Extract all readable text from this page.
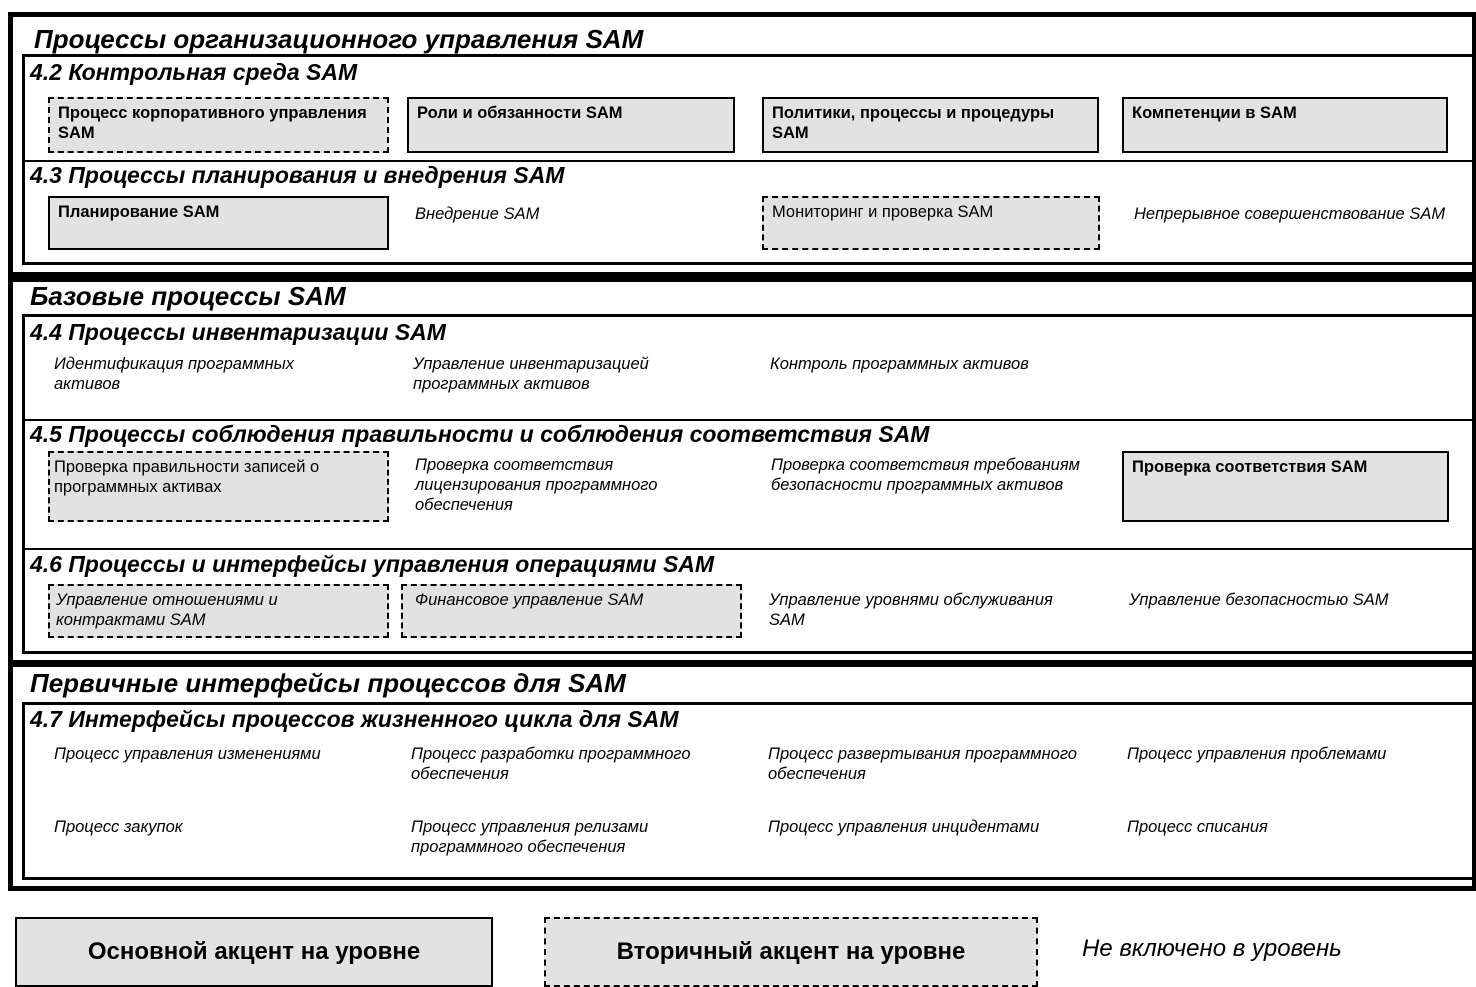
Процессы организационного управления SAM
4.2 Контрольная среда SAM
Процесс корпоративного управления SAM
Роли и обязанности SAM	Политики, процессы и процедуры SAM
Компетенции в SAM
4.3 Процессы планирования и внедрения SAM
Планирование SAM	Внедрение SAM	Мониторинг и проверка SAM	Непрерывное совершенствование SAM
Базовые процессы SAM
4.4 Процессы инвентаризации SAM
Идентификация программных активов
Управление инвентаризацией программных активов
Контроль программных активов
4.5 Процессы соблюдения правильности и соблюдения соответствия SAM
Проверка правильности записей о программных активах
Проверка соответствия лицензирования программного обеспечения
Проверка соответствия требованиям безопасности программных активов
Проверка соответствия SAM
4.6 Процессы и интерфейсы управления операциями SAM
Управление отношениями и контрактами SAM
Финансовое управление SAM	Управление уровнями обслуживания SAM
Управление безопасностью SAM
Первичные интерфейсы процессов для SAM
4.7 Интерфейсы процессов жизненного цикла для SAM
Процесс управления изменениями	Процесс разработки программного обеспечения
Процесс развертывания программного обеспечения
Процесс управления проблемами
Процесс закупок	Процесс управления релизами программного обеспечения
Процесс управления инцидентами	Процесс списания
Основной акцент на уровне	Вторичный акцент на уровне	Не включено в уровень
